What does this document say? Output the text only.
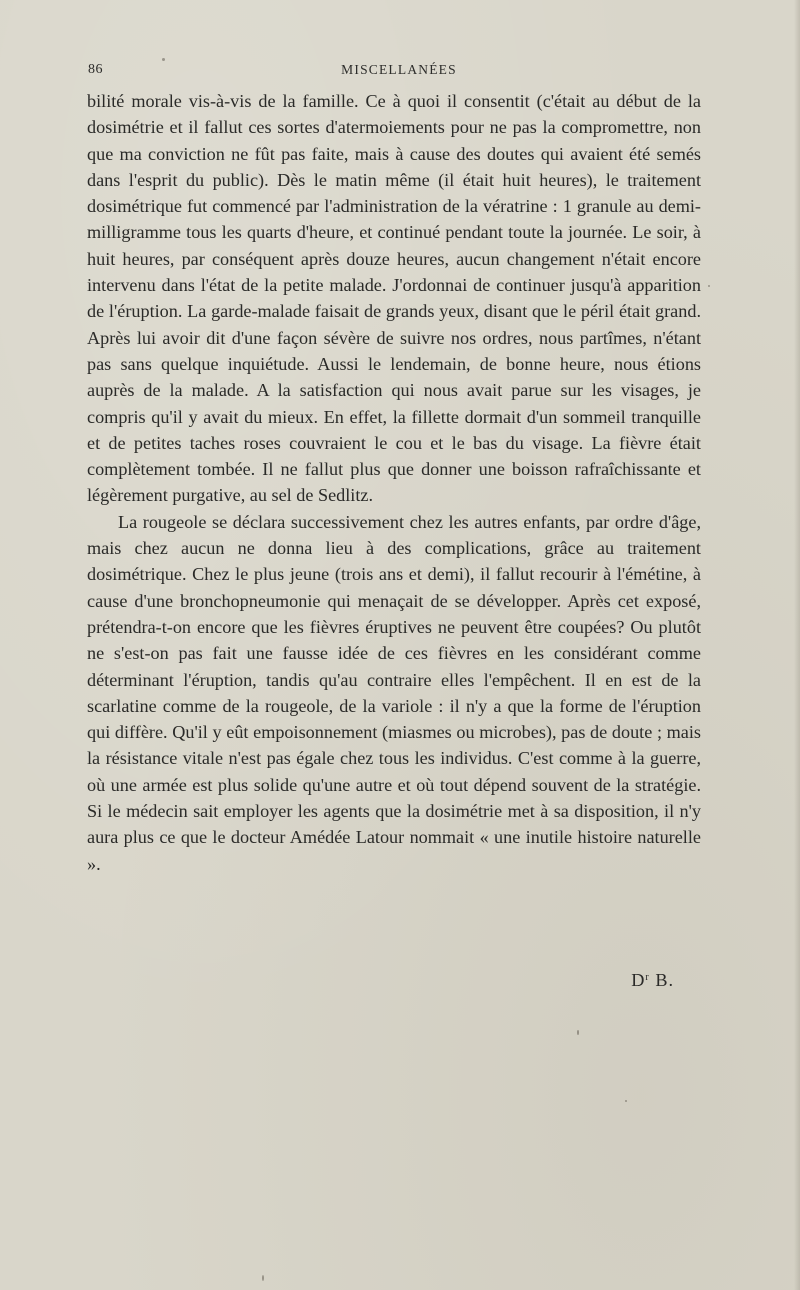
86	MISCELLANÉES

bilité morale vis-à-vis de la famille. Ce à quoi il consentit (c'était au début de la dosimétrie et il fallut ces sortes d'atermoiements pour ne pas la compromettre, non que ma conviction ne fût pas faite, mais à cause des doutes qui avaient été semés dans l'esprit du public). Dès le matin même (il était huit heures), le traitement dosimétrique fut commencé par l'administration de la vératrine : 1 granule au demi-milligramme tous les quarts d'heure, et continué pendant toute la journée. Le soir, à huit heures, par conséquent après douze heures, aucun changement n'était encore intervenu dans l'état de la petite malade. J'ordonnai de continuer jusqu'à apparition de l'éruption. La garde-malade faisait de grands yeux, disant que le péril était grand. Après lui avoir dit d'une façon sévère de suivre nos ordres, nous partîmes, n'étant pas sans quelque inquiétude. Aussi le lendemain, de bonne heure, nous étions auprès de la malade. A la satisfaction qui nous avait parue sur les visages, je compris qu'il y avait du mieux. En effet, la fillette dormait d'un sommeil tranquille et de petites taches roses couvraient le cou et le bas du visage. La fièvre était complètement tombée. Il ne fallut plus que donner une boisson rafraîchissante et légèrement purgative, au sel de Sedlitz.

La rougeole se déclara successivement chez les autres enfants, par ordre d'âge, mais chez aucun ne donna lieu à des complications, grâce au traitement dosimétrique. Chez le plus jeune (trois ans et demi), il fallut recourir à l'émétine, à cause d'une bronchopneumonie qui menaçait de se développer. Après cet exposé, prétendra-t-on encore que les fièvres éruptives ne peuvent être coupées? Ou plutôt ne s'est-on pas fait une fausse idée de ces fièvres en les considérant comme déterminant l'éruption, tandis qu'au contraire elles l'empêchent. Il en est de la scarlatine comme de la rougeole, de la variole : il n'y a que la forme de l'éruption qui diffère. Qu'il y eût empoisonnement (miasmes ou microbes), pas de doute ; mais la résistance vitale n'est pas égale chez tous les individus. C'est comme à la guerre, où une armée est plus solide qu'une autre et où tout dépend souvent de la stratégie. Si le médecin sait employer les agents que la dosimétrie met à sa disposition, il n'y aura plus ce que le docteur Amédée Latour nommait « une inutile histoire naturelle ».

$D^r$ B.
